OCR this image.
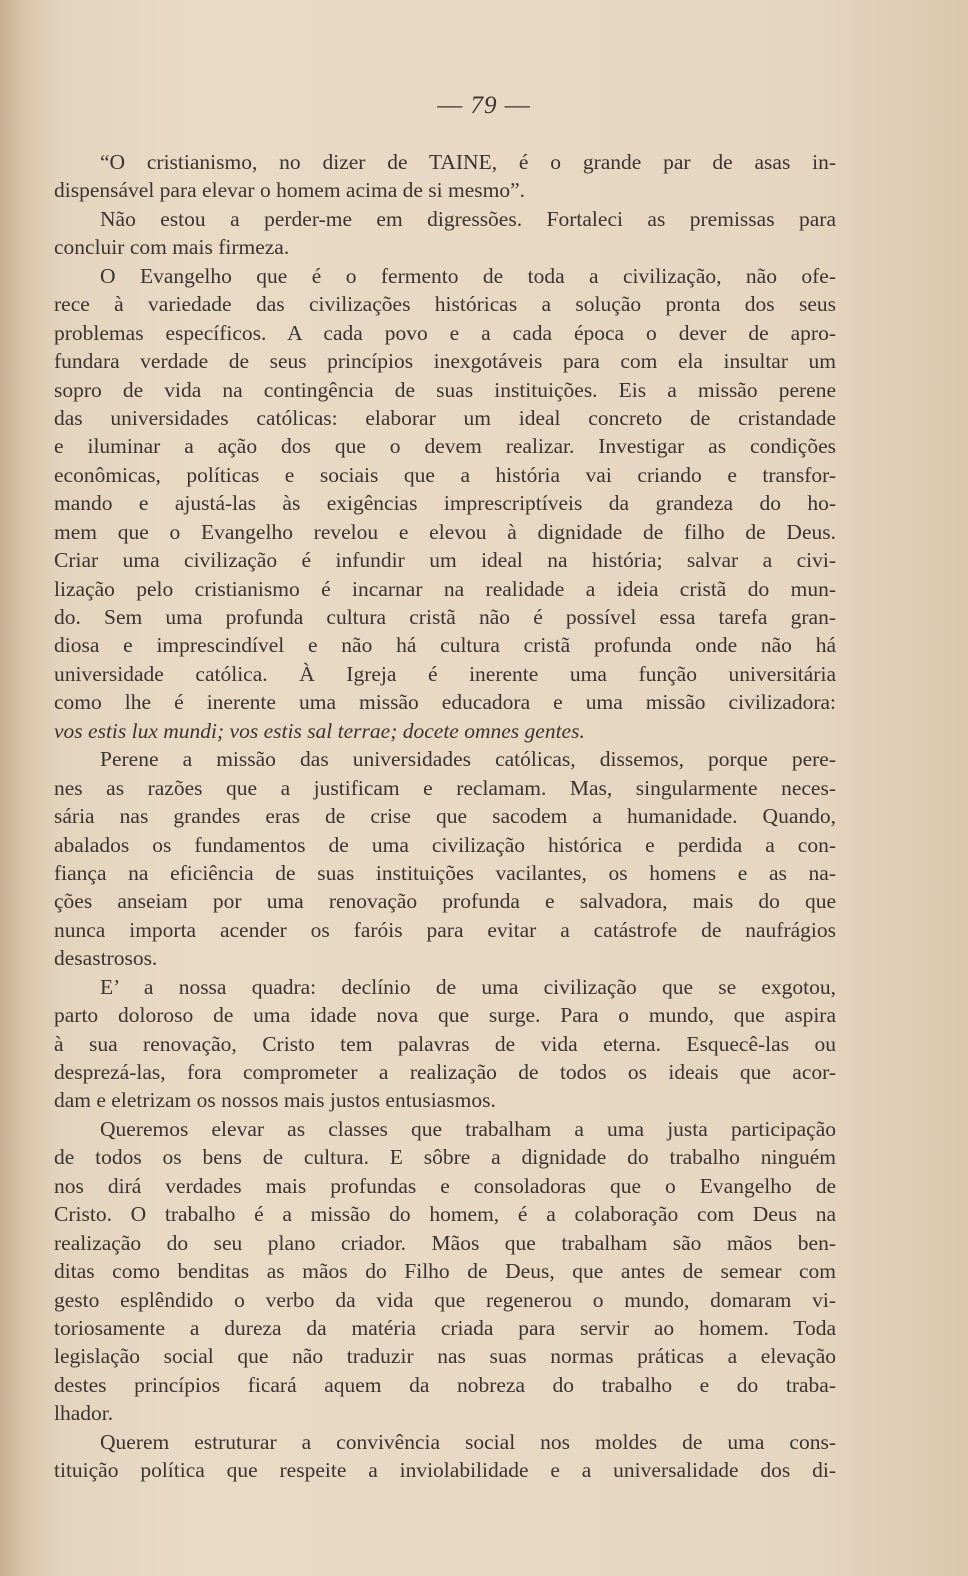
— 79 —
“O cristianismo, no dizer de TAINE, é o grande par de asas in-
dispensável para elevar o homem acima de si mesmo”.
Não estou a perder-me em digressões. Fortaleci as premissas para
concluir com mais firmeza.
O Evangelho que é o fermento de toda a civilização, não ofe-
rece à variedade das civilizações históricas a solução pronta dos seus
problemas específicos. A cada povo e a cada época o dever de apro-
fundara verdade de seus princípios inexgotáveis para com ela insultar um
sopro de vida na contingência de suas instituições. Eis a missão perene
das universidades católicas: elaborar um ideal concreto de cristandade
e iluminar a ação dos que o devem realizar. Investigar as condições
econômicas, políticas e sociais que a história vai criando e transfor-
mando e ajustá-las às exigências imprescriptíveis da grandeza do ho-
mem que o Evangelho revelou e elevou à dignidade de filho de Deus.
Criar uma civilização é infundir um ideal na história; salvar a civi-
lização pelo cristianismo é incarnar na realidade a ideia cristã do mun-
do. Sem uma profunda cultura cristã não é possível essa tarefa gran-
diosa e imprescindível e não há cultura cristã profunda onde não há
universidade católica. À Igreja é inerente uma função universitária
como lhe é inerente uma missão educadora e uma missão civilizadora:
vos estis lux mundi; vos estis sal terrae; docete omnes gentes.
Perene a missão das universidades católicas, dissemos, porque pere-
nes as razões que a justificam e reclamam. Mas, singularmente neces-
sária nas grandes eras de crise que sacodem a humanidade. Quando,
abalados os fundamentos de uma civilização histórica e perdida a con-
fiança na eficiência de suas instituições vacilantes, os homens e as na-
ções anseiam por uma renovação profunda e salvadora, mais do que
nunca importa acender os faróis para evitar a catástrofe de naufrágios
desastrosos.
E’ a nossa quadra: declínio de uma civilização que se exgotou,
parto doloroso de uma idade nova que surge. Para o mundo, que aspira
à sua renovação, Cristo tem palavras de vida eterna. Esquecê-las ou
desprezá-las, fora comprometer a realização de todos os ideais que acor-
dam e eletrizam os nossos mais justos entusiasmos.
Queremos elevar as classes que trabalham a uma justa participação
de todos os bens de cultura. E sôbre a dignidade do trabalho ninguém
nos dirá verdades mais profundas e consoladoras que o Evangelho de
Cristo. O trabalho é a missão do homem, é a colaboração com Deus na
realização do seu plano criador. Mãos que trabalham são mãos ben-
ditas como benditas as mãos do Filho de Deus, que antes de semear com
gesto esplêndido o verbo da vida que regenerou o mundo, domaram vi-
toriosamente a dureza da matéria criada para servir ao homem. Toda
legislação social que não traduzir nas suas normas práticas a elevação
destes princípios ficará aquem da nobreza do trabalho e do traba-
lhador.
Querem estruturar a convivência social nos moldes de uma cons-
tituição política que respeite a inviolabilidade e a universalidade dos di-
